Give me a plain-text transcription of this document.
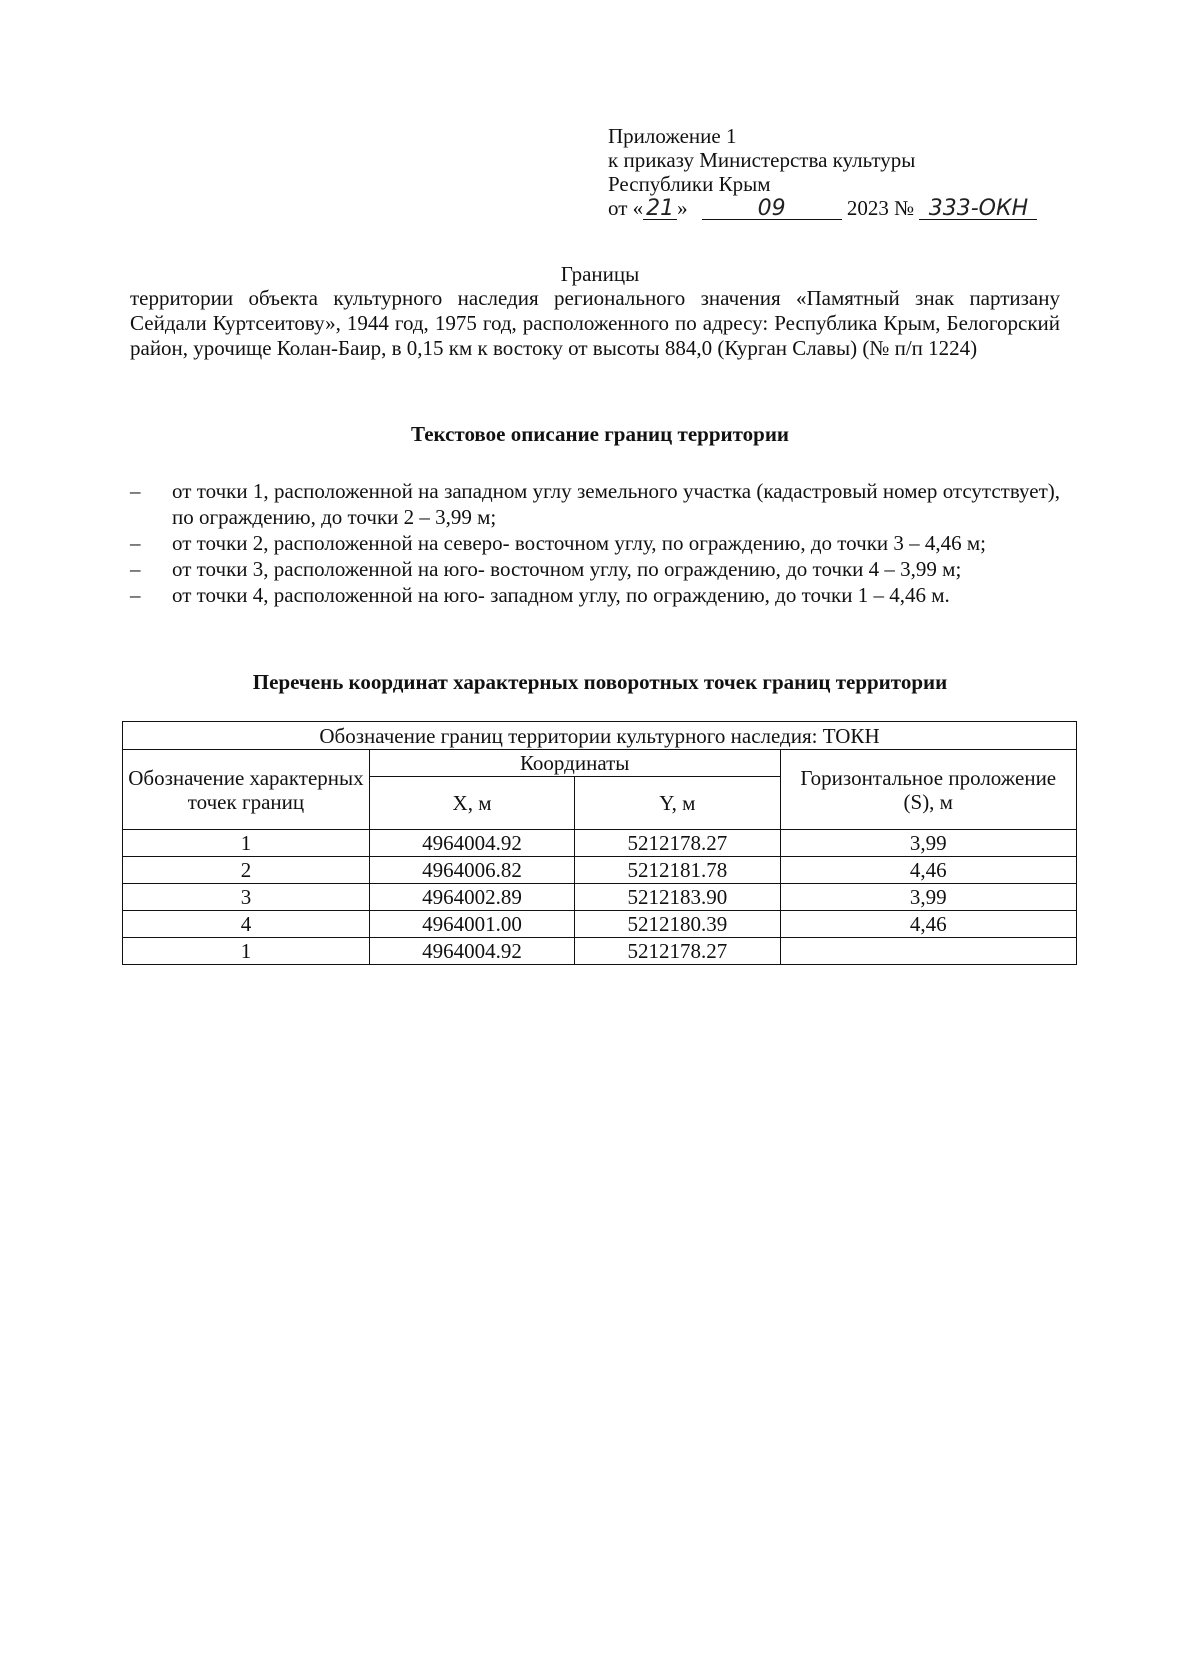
Приложение 1
к приказу Министерства культуры
Республики Крым
от « 21 »	09	2023 № 333-ОКН
Границы
территории объекта культурного наследия регионального значения «Памятный знак партизану Сейдали Куртсеитову», 1944 год, 1975 год, расположенного по адресу: Республика Крым, Белогорский район, урочище Колан-Баир, в 0,15 км к востоку от высоты 884,0 (Курган Славы) (№ п/п 1224)
Текстовое описание границ территории
– от точки 1, расположенной на западном углу земельного участка (кадастровый номер отсутствует), по ограждению, до точки 2 – 3,99 м;
– от точки 2, расположенной на северо- восточном углу, по ограждению, до точки 3 – 4,46 м;
– от точки 3, расположенной на юго- восточном углу, по ограждению, до точки 4 – 3,99 м;
– от точки 4, расположенной на юго- западном углу, по ограждению, до точки 1 – 4,46 м.
Перечень координат характерных поворотных точек границ территории
Обозначение границ территории культурного наследия: ТОКН			
Обозначение характерных точек границ	Координаты		Горизонтальное проложение (S), м
	X, м	Y, м	
1	4964004.92	5212178.27	3,99
2	4964006.82	5212181.78	4,46
3	4964002.89	5212183.90	3,99
4	4964001.00	5212180.39	4,46
1	4964004.92	5212178.27	
